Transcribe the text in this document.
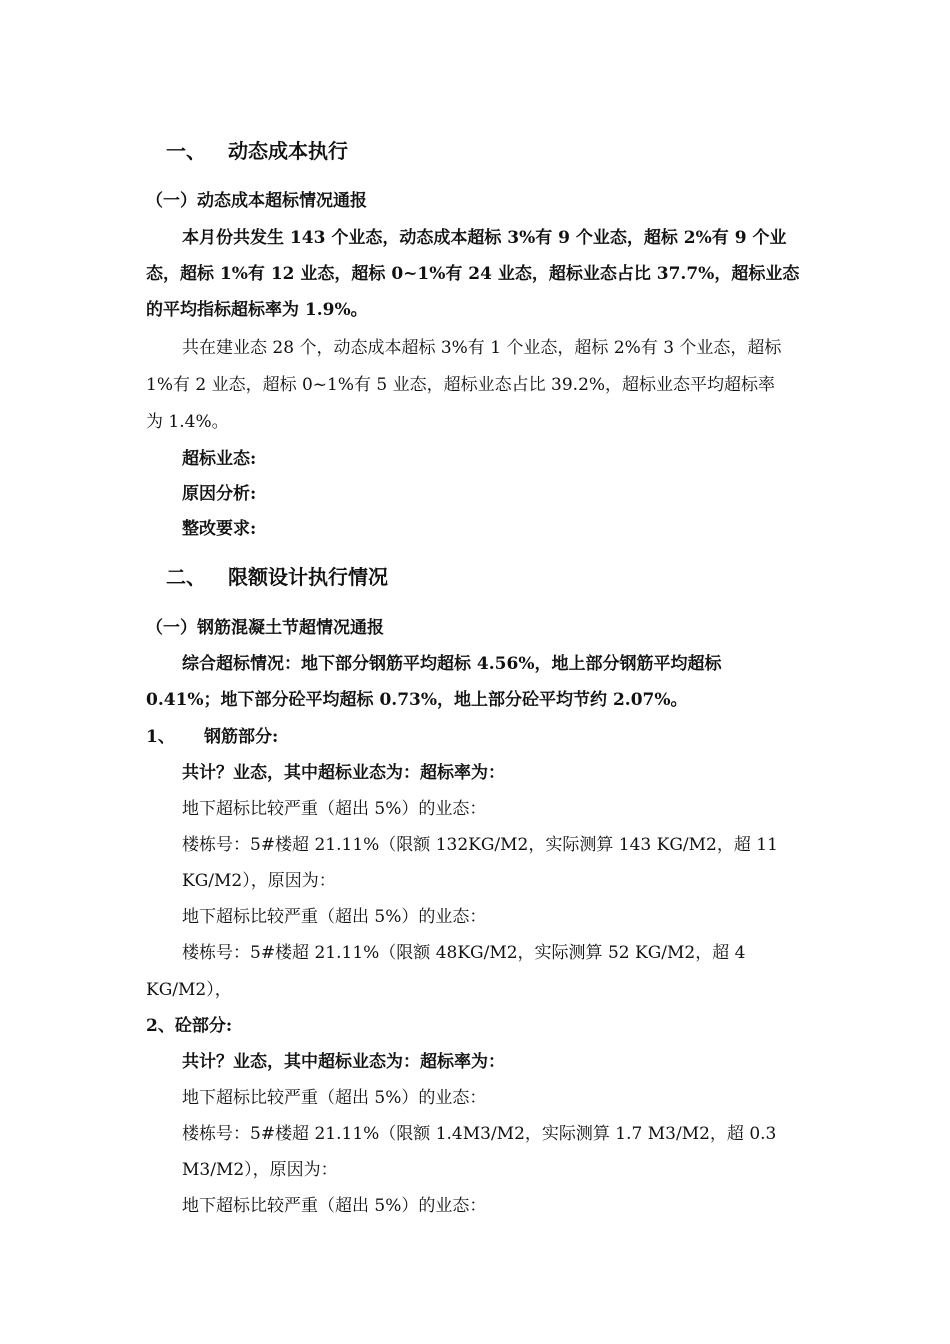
一、 动态成本执行
（一）动态成本超标情况通报
本月份共发生 143 个业态，动态成本超标 3%有 9 个业态，超标 2%有 9 个业
态，超标 1%有 12 业态，超标 0~1%有 24 业态，超标业态占比 37.7%，超标业态
的平均指标超标率为 1.9%。
共在建业态 28 个，动态成本超标 3%有 1 个业态，超标 2%有 3 个业态，超标
1%有 2 业态，超标 0~1%有 5 业态，超标业态占比 39.2%，超标业态平均超标率
为 1.4%。
超标业态:
原因分析:
整改要求:
二、 限额设计执行情况
（一）钢筋混凝土节超情况通报
综合超标情况：地下部分钢筋平均超标 4.56%，地上部分钢筋平均超标
0.41%；地下部分砼平均超标 0.73%，地上部分砼平均节约 2.07%。
1、 钢筋部分:
共计？业态，其中超标业态为：超标率为：
地下超标比较严重（超出 5%）的业态：
楼栋号：5#楼超 21.11%（限额 132KG/M2，实际测算 143 KG/M2，超 11
KG/M2），原因为：
地下超标比较严重（超出 5%）的业态：
楼栋号：5#楼超 21.11%（限额 48KG/M2，实际测算 52 KG/M2，超 4
KG/M2），
2、砼部分:
共计？业态，其中超标业态为：超标率为：
地下超标比较严重（超出 5%）的业态：
楼栋号：5#楼超 21.11%（限额 1.4M3/M2，实际测算 1.7 M3/M2，超 0.3
M3/M2），原因为：
地下超标比较严重（超出 5%）的业态：
